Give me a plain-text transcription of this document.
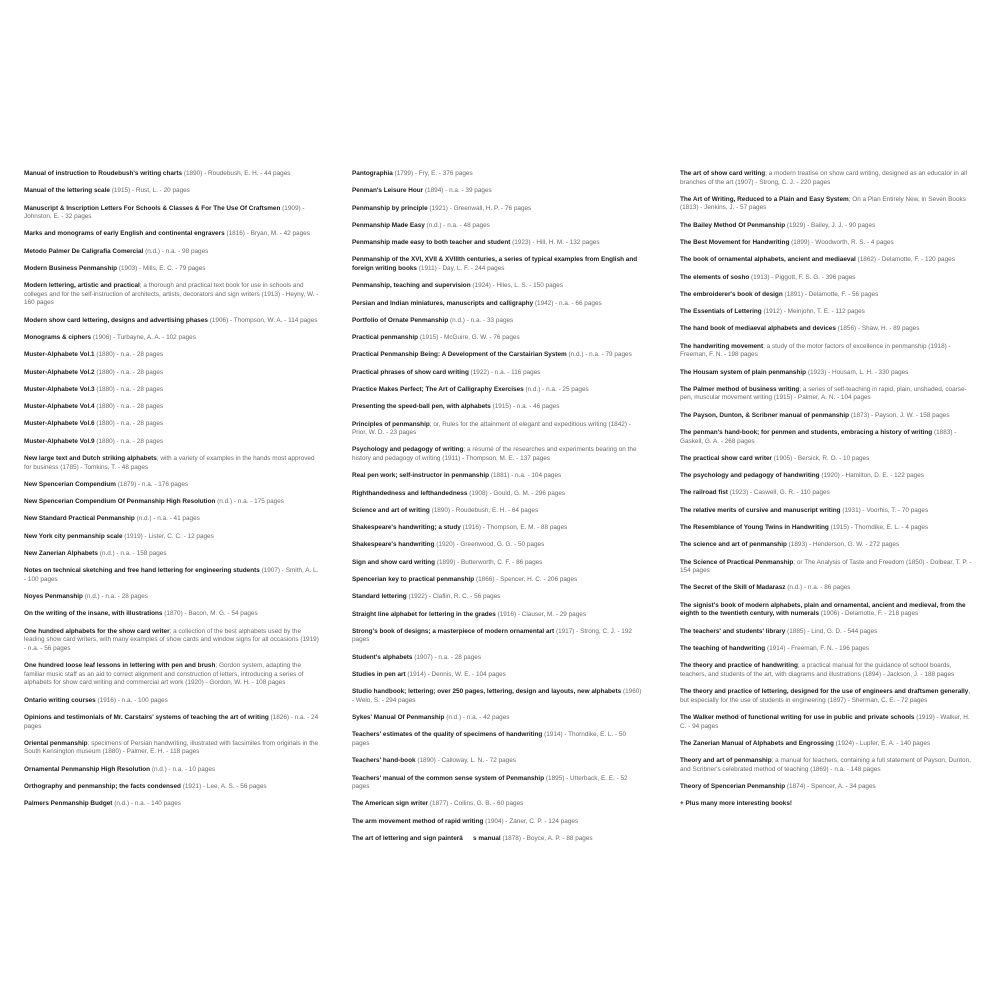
Manual of instruction to Roudebush's writing charts (1890) - Roudebush, E. H. - 44 pages
Manual of the lettering scale (1915) - Rust, L. - 20 pages
Manuscript & Inscription Letters For Schools & Classes & For The Use Of Craftsmen (1909) - Johnston, E. - 32 pages
Marks and monograms of early English and continental engravers (1816) - Bryan, M. - 42 pages
Metodo Palmer De Caligrafia Comercial (n.d.) - n.a. - 98 pages
Modern Business Penmanship (1903) - Mills, E. C. - 79 pages
Modern lettering, artistic and practical; a thorough and practical text book for use in schools and colleges and for the self-instruction of architects, artists, decorators and sign writers (1913) - Heyny, W. - 160 pages
Modern show card lettering, designs and advertising phases (1906) - Thompson, W. A. - 114 pages
Monograms & ciphers (1906) - Turbayne, A. A. - 102 pages
Muster-Alphabete Vol.1 (1880) - n.a. - 28 pages
Muster-Alphabete Vol.2 (1880) - n.a. - 28 pages
Muster-Alphabete Vol.3 (1880) - n.a. - 28 pages
Muster-Alphabete Vol.4 (1880) - n.a. - 28 pages
Muster-Alphabete Vol.6 (1880) - n.a. - 28 pages
Muster-Alphabete Vol.9 (1880) - n.a. - 28 pages
New large text and Dutch striking alphabets; with a variety of examples in the hands most approved for business (1785) - Tomkins, T. - 48 pages
New Spencerian Compendium (1879) - n.a. - 176 pages
New Spencerian Compendium Of Penmanship High Resolution (n.d.) - n.a. - 175 pages
New Standard Practical Penmanship (n.d.) - n.a. - 41 pages
New York city penmanship scale (1919) - Lister, C. C. - 12 pages
New Zanerian Alphabets (n.d.) - n.a. - 158 pages
Notes on technical sketching and free hand lettering for engineering students (1907) - Smith, A. L. - 100 pages
Noyes Penmanship (n.d.) - n.a. - 28 pages
On the writing of the insane, with illustrations (1870) - Bacon, M. G. - 54 pages
One hundred alphabets for the show card writer; a collection of the best alphabets used by the leading show card writers, with many examples of show cards and window signs for all occasions (1919) - n.a. - 56 pages
One hundred loose leaf lessons in lettering with pen and brush; Gordon system, adapting the familiar music staff as an aid to correct alignment and construction of letters, introducing a series of alphabets for show card writing and commercial art work (1920) - Gordon, W. H. - 108 pages
Ontario writing courses (1916) - n.a. - 100 pages
Opinions and testimonials of Mr. Carstairs' systems of teaching the art of writing (1826) - n.a. - 24 pages
Oriental penmanship; specimens of Persian handwriting, illustrated with facsimiles from originals in the South Kensington museum (1880) - Palmer, E. H. - 118 pages
Ornamental Penmanship High Resolution (n.d.) - n.a. - 10 pages
Orthography and penmanship; the facts condensed (1921) - Lee, A. S. - 56 pages
Palmers Penmanship Budget (n.d.) - n.a. - 140 pages
Pantographia (1799) - Fry, E. - 376 pages
Penman's Leisure Hour (1894) - n.a. - 39 pages
Penmanship by principle (1921) - Greenwall, H. P. - 76 pages
Penmanship Made Easy (n.d.) - n.a. - 48 pages
Penmanship made easy to both teacher and student (1923) - Hill, H. M. - 132 pages
Penmanship of the XVI, XVII & XVIIIth centuries, a series of typical examples from English and foreign writing books (1911) - Day, L. F. - 244 pages
Penmanship, teaching and supervision (1924) - Hiles, L. S. - 150 pages
Persian and Indian miniatures, manuscripts and calligraphy (1942) - n.a. - 66 pages
Portfolio of Ornate Penmanship (n.d.) - n.a. - 33 pages
Practical penmanship (1915) - McGuire, G. W. - 76 pages
Practical Penmanship Being: A Development of the Carstairian System (n.d.) - n.a. - 79 pages
Practical phrases of show card writing (1922) - n.a. - 116 pages
Practice Makes Perfect; The Art of Calligraphy Exercises (n.d.) - n.a. - 25 pages
Presenting the speed-ball pen, with alphabets (1915) - n.a. - 46 pages
Principles of penmanship; or, Rules for the attainment of elegant and expeditious writing (1842) - Prior, W. D. - 23 pages
Psychology and pedagogy of writing; a résumé of the researches and experiments bearing on the history and pedagogy of writing (1911) - Thompson, M. E. - 137 pages
Real pen work; self-instructor in penmanship (1881) - n.a. - 104 pages
Righthandedness and lefthandedness (1908) - Gould, G. M. - 296 pages
Science and art of writing (1890) - Roudebush, E. H. - 64 pages
Shakespeare's handwriting; a study (1916) - Thompson, E. M. - 88 pages
Shakespeare's handwriting (1920) - Greenwood, G. G. - 50 pages
Sign and show card writing (1899) - Butterworth, C. F. - 86 pages
Spencerian key to practical penmanship (1866) - Spencer, H. C. - 206 pages
Standard lettering (1922) - Claflin, R. C. - 56 pages
Straight line alphabet for lettering in the grades (1916) - Clauser, M. - 29 pages
Strong's book of designs; a masterpiece of modern ornamental art (1917) - Strong, C. J. - 192 pages
Student's alphabets (1907) - n.a. - 28 pages
Studies in pen art (1914) - Dennis, W. E. - 104 pages
Studio handbook; lettering; over 250 pages, lettering, design and layouts, new alphabets (1960) - Welo, S. - 294 pages
Sykes' Manual Of Penmanship (n.d.) - n.a. - 42 pages
Teachers' estimates of the quality of specimens of handwriting (1914) - Thorndike, E. L. - 50 pages
Teachers' hand-book (1890) - Calloway, L. N. - 72 pages
Teachers' manual of the common sense system of Penmanship (1895) - Utterback, E. E. - 52 pages
The American sign writer (1877) - Collins, G. B. - 60 pages
The arm movement method of rapid writing (1904) - Zaner, C. P. - 124 pages
The art of lettering and sign painterâs manual (1878) - Boyce, A. P. - 88 pages
The art of show card writing; a modern treatise on show card writing, designed as an educator in all branches of the art (1907) - Strong, C. J. - 220 pages
The Art of Writing, Reduced to a Plain and Easy System; On a Plan Entirely New, in Seven Books (1813) - Jenkins, J. - 57 pages
The Bailey Method Of Penmanship (1929) - Bailey, J. J. - 90 pages
The Best Movement for Handwriting (1899) - Woodworth, R. S. - 4 pages
The book of ornamental alphabets, ancient and mediaeval (1862) - Delamotte, F. - 120 pages
The elements of sosho (1913) - Piggott, F. S. G. - 396 pages
The embroiderer's book of design (1891) - Delamotte, F. - 56 pages
The Essentials of Lettering (1912) - Meinjohn, T. E. - 112 pages
The hand book of mediaeval alphabets and devices (1856) - Shaw, H. - 89 pages
The handwriting movement; a study of the motor factors of excellence in penmanship (1918) - Freeman, F. N. - 198 pages
The Housam system of plain penmanship (1923) - Housam, L. H. - 330 pages
The Palmer method of business writing; a series of self-teaching in rapid, plain, unshaded, coarse-pen, muscular movement writing (1915) - Palmer, A. N. - 104 pages
The Payson, Dunton, & Scribner manual of penmanship (1873) - Payson, J. W. - 158 pages
The penman's hand-book; for penmen and students, embracing a history of writing (1883) - Gaskell, G. A. - 268 pages
The practical show card writer (1905) - Bersick, R. O. - 10 pages
The psychology and pedagogy of handwriting (1920) - Hamilton, D. E. - 122 pages
The railroad fist (1923) - Caswell, G. R. - 110 pages
The relative merits of cursive and manuscript writing (1931) - Voorhis, T. - 70 pages
The Resemblance of Young Twins in Handwriting (1915) - Thorndike, E. L. - 4 pages
The science and art of penmanship (1893) - Henderson, G. W. - 272 pages
The Science of Practical Penmanship; or The Analysis of Taste and Freedom (1850) - Dolbear, T. P. - 154 pages
The Secret of the Skill of Madarasz (n.d.) - n.a. - 86 pages
The signist's book of modern alphabets, plain and ornamental, ancient and medieval, from the eighth to the twentieth century, with numerals (1906) - Delamotte, F. - 218 pages
The teachers' and students' library (1885) - Lind, G. D. - 544 pages
The teaching of handwriting (1914) - Freeman, F. N. - 196 pages
The theory and practice of handwriting; a practical manual for the guidance of school boards, teachers, and students of the art, with diagrams and illustrations (1894) - Jackson, J. - 188 pages
The theory and practice of lettering, designed for the use of engineers and draftsmen generally, but especially for the use of students in engineering (1897) - Sherman, C. E. - 72 pages
The Walker method of functional writing for use in public and private schools (1919) - Walker, H. C. - 94 pages
The Zanerian Manual of Alphabets and Engrossing (1924) - Lupfer, E. A. - 140 pages
Theory and art of penmanship; a manual for teachers, containing a full statement of Payson, Dunton, and Scribner's celebrated method of teaching (1869) - n.a. - 148 pages
Theory of Spencerian Penmanship (1874) - Spencer, A. - 34 pages
+ Plus many more interesting books!
